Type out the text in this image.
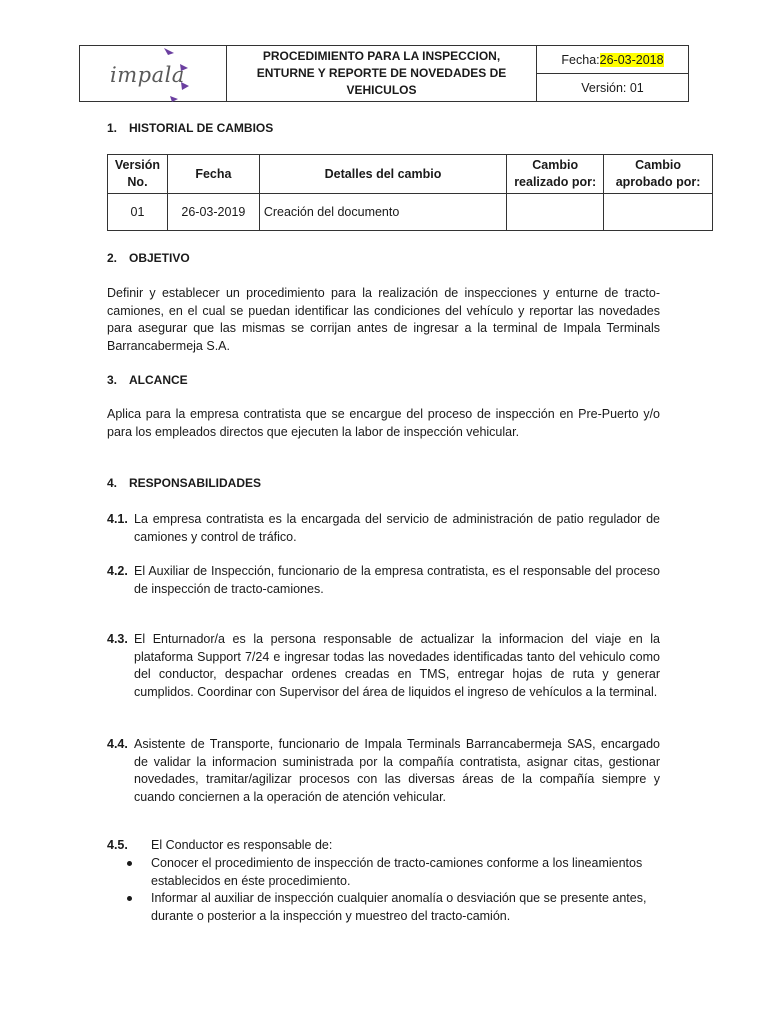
impala
PROCEDIMIENTO PARA LA INSPECCION, ENTURNE Y REPORTE DE NOVEDADES DE VEHICULOS
Fecha: 26-03-2018
Versión: 01
1. HISTORIAL DE CAMBIOS
Versión No.	Fecha	Detalles del cambio	Cambio realizado por:	Cambio aprobado por:
01	26-03-2019	Creación del documento		
2. OBJETIVO

Definir y establecer un procedimiento para la realización de inspecciones y enturne de tracto-camiones, en el cual se puedan identificar las condiciones del vehículo y reportar las novedades para asegurar que las mismas se corrijan antes de ingresar a la terminal de Impala Terminals Barrancabermeja S.A.

3. ALCANCE

Aplica para la empresa contratista que se encargue del proceso de inspección en Pre-Puerto y/o para los empleados directos que ejecuten la labor de inspección vehicular.

4. RESPONSABILIDADES
4.1. La empresa contratista es la encargada del servicio de administración de patio regulador de camiones y control de tráfico.
4.2. El Auxiliar de Inspección, funcionario de la empresa contratista, es el responsable del proceso de inspección de tracto-camiones.
4.3. El Enturnador/a es la persona responsable de actualizar la informacion del viaje en la plataforma Support 7/24 e ingresar todas las novedades identificadas tanto del vehiculo como del conductor, despachar ordenes creadas en TMS, entregar hojas de ruta y generar cumplidos. Coordinar con Supervisor del área de liquidos el ingreso de vehículos a la terminal.
4.4. Asistente de Transporte, funcionario de Impala Terminals Barrancabermeja SAS, encargado de validar la informacion suministrada por la compañía contratista, asignar citas, gestionar novedades, tramitar/agilizar procesos con las diversas áreas de la compañía siempre y cuando conciernen a la operación de atención vehicular.
4.5. El Conductor es responsable de:
Conocer el procedimiento de inspección de tracto-camiones conforme a los lineamientos establecidos en éste procedimiento.
Informar al auxiliar de inspección cualquier anomalía o desviación que se presente antes, durante o posterior a la inspección y muestreo del tracto-camión.
